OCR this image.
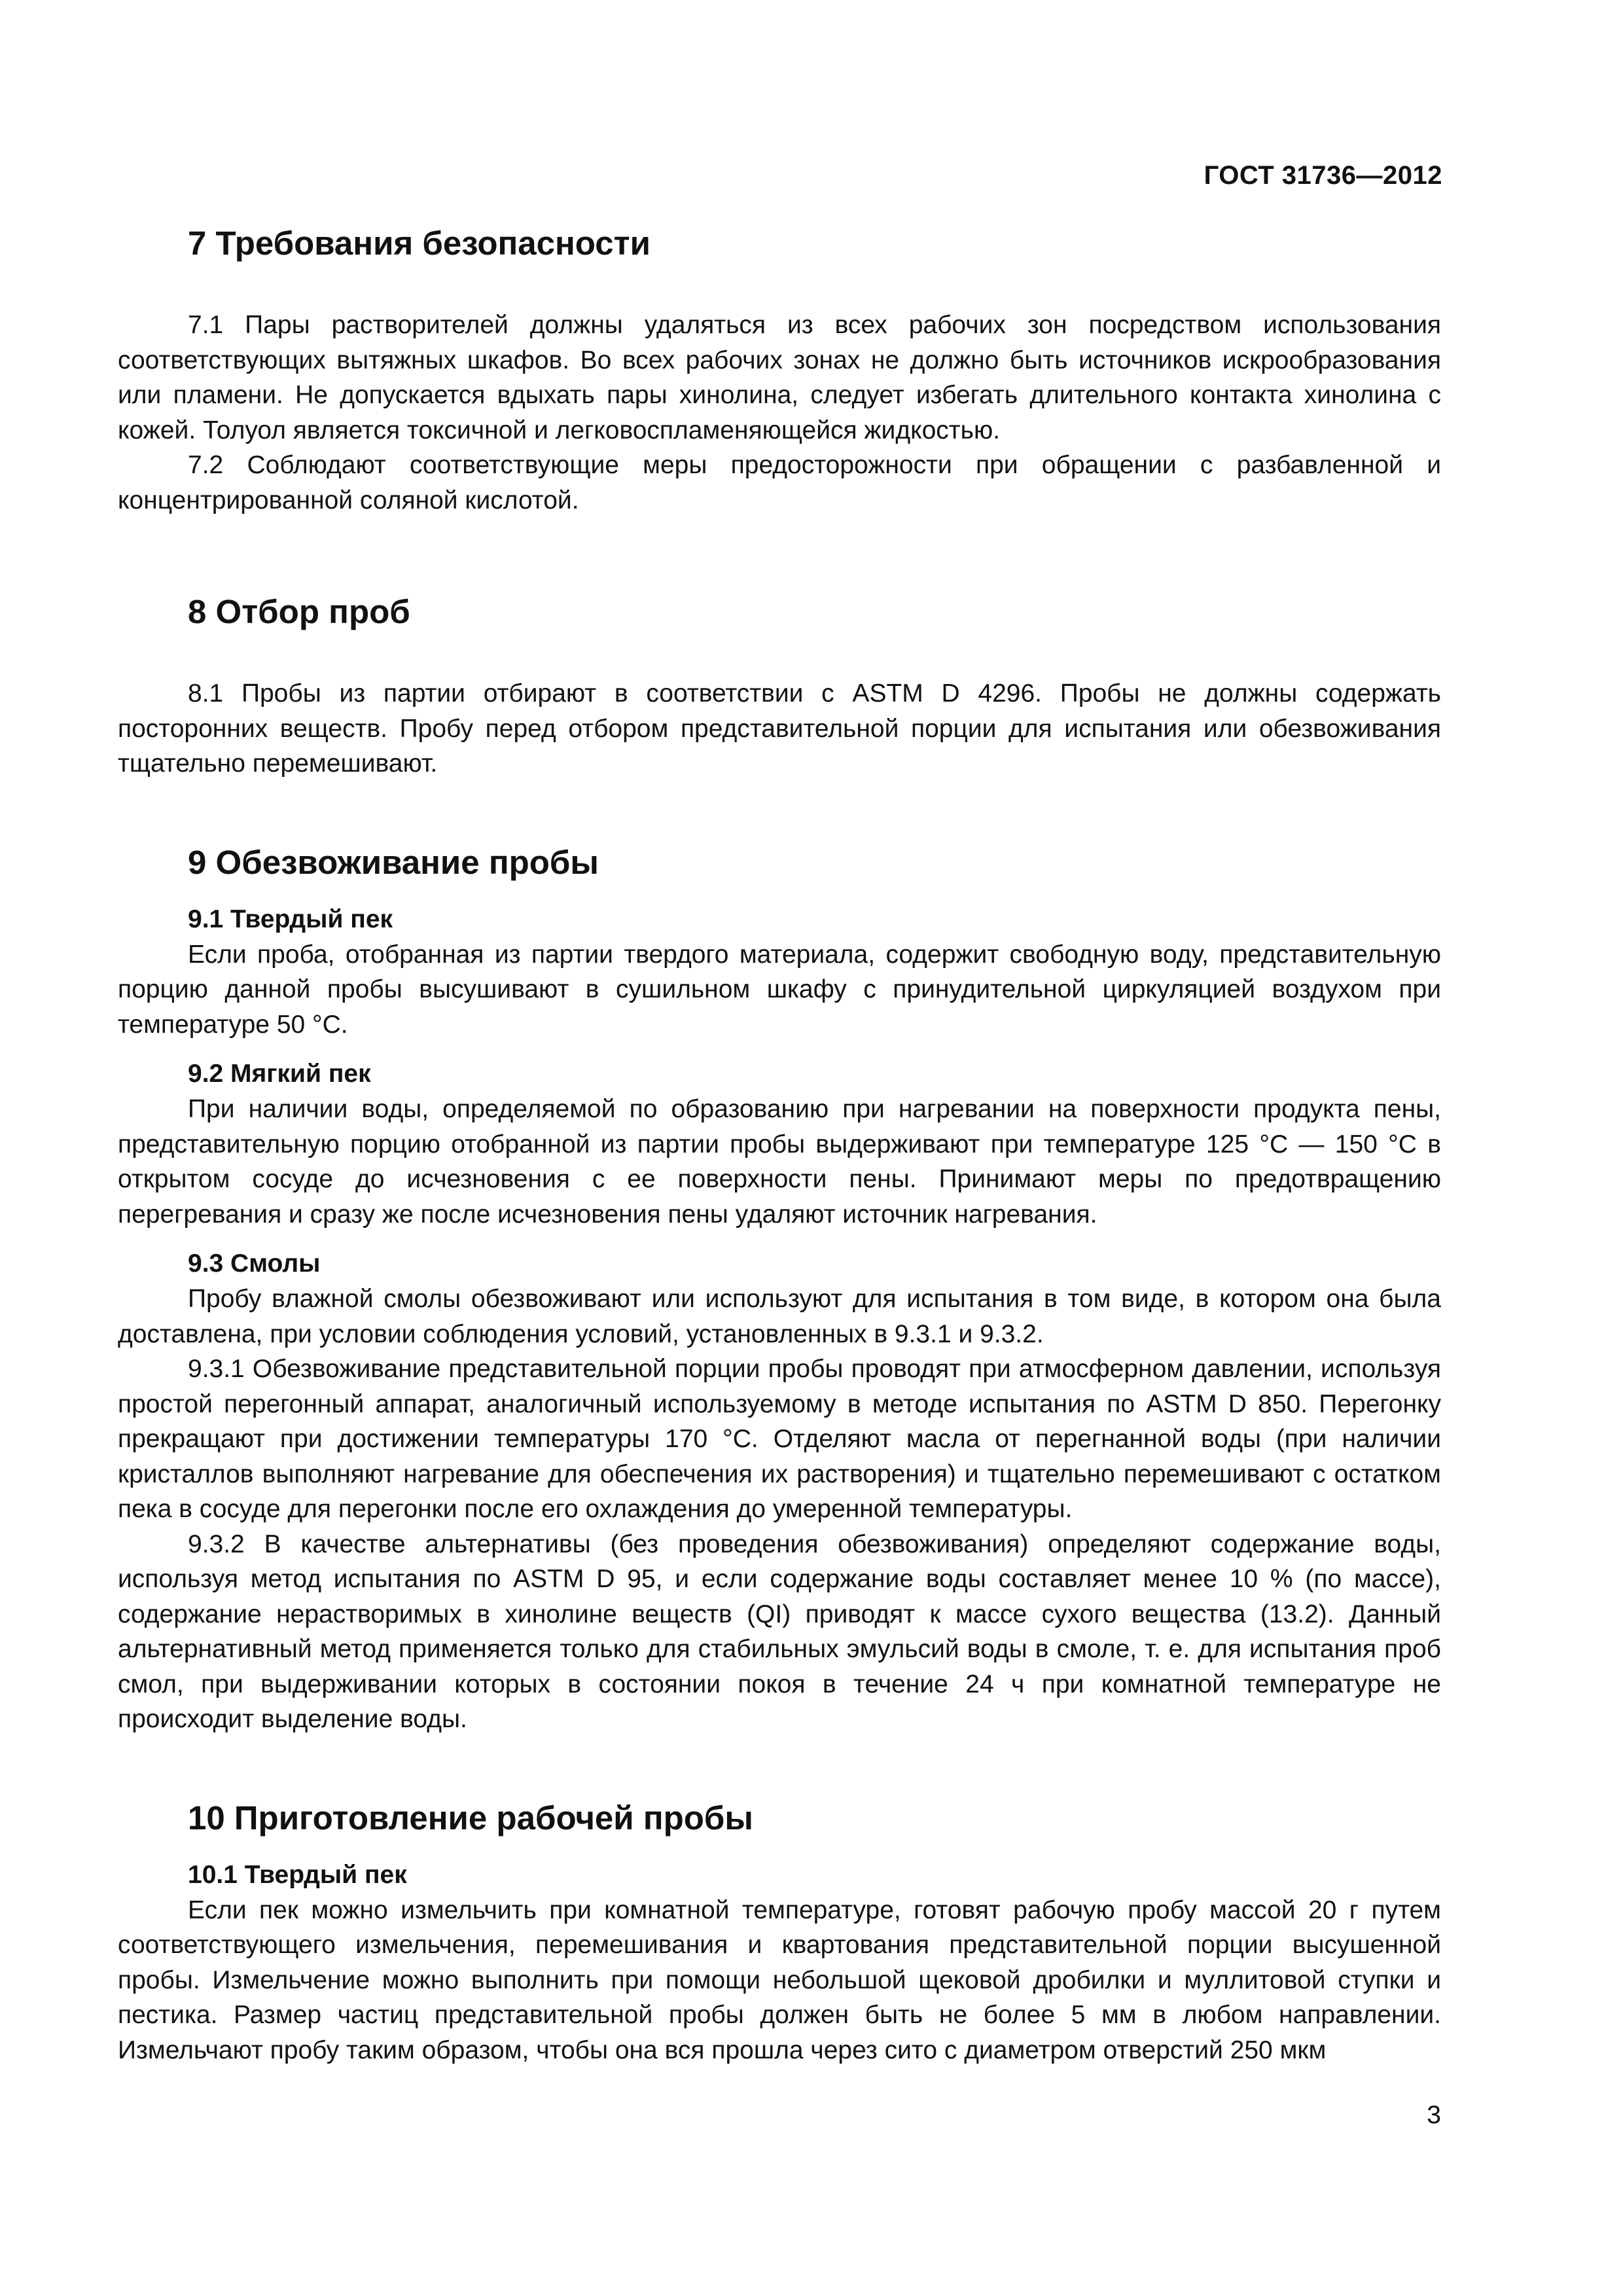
ГОСТ 31736—2012
7 Требования безопасности

7.1 Пары растворителей должны удаляться из всех рабочих зон посредством использования соответствующих вытяжных шкафов. Во всех рабочих зонах не должно быть источников искрообразования или пламени. Не допускается вдыхать пары хинолина, следует избегать длительного контакта хинолина с кожей. Толуол является токсичной и легковоспламеняющейся жидкостью.

7.2 Соблюдают соответствующие меры предосторожности при обращении с разбавленной и концентрированной соляной кислотой.

8 Отбор проб

8.1 Пробы из партии отбирают в соответствии с ASTM D 4296. Пробы не должны содержать посторонних веществ. Пробу перед отбором представительной порции для испытания или обезвоживания тщательно перемешивают.

9 Обезвоживание пробы
9.1 Твердый пек

Если проба, отобранная из партии твердого материала, содержит свободную воду, представительную порцию данной пробы высушивают в сушильном шкафу с принудительной циркуляцией воздухом при температуре 50 °С.

9.2 Мягкий пек

При наличии воды, определяемой по образованию при нагревании на поверхности продукта пены, представительную порцию отобранной из партии пробы выдерживают при температуре 125 °С — 150 °С в открытом сосуде до исчезновения с ее поверхности пены. Принимают меры по предотвращению перегревания и сразу же после исчезновения пены удаляют источник нагревания.

9.3 Смолы

Пробу влажной смолы обезвоживают или используют для испытания в том виде, в котором она была доставлена, при условии соблюдения условий, установленных в 9.3.1 и 9.3.2.

9.3.1 Обезвоживание представительной порции пробы проводят при атмосферном давлении, используя простой перегонный аппарат, аналогичный используемому в методе испытания по ASTM D 850. Перегонку прекращают при достижении температуры 170 °С. Отделяют масла от перегнанной воды (при наличии кристаллов выполняют нагревание для обеспечения их растворения) и тщательно перемешивают с остатком пека в сосуде для перегонки после его охлаждения до умеренной температуры.

9.3.2 В качестве альтернативы (без проведения обезвоживания) определяют содержание воды, используя метод испытания по ASTM D 95, и если содержание воды составляет менее 10 % (по массе), содержание нерастворимых в хинолине веществ (QI) приводят к массе сухого вещества (13.2). Данный альтернативный метод применяется только для стабильных эмульсий воды в смоле, т. е. для испытания проб смол, при выдерживании которых в состоянии покоя в течение 24 ч при комнатной температуре не происходит выделение воды.

10 Приготовление рабочей пробы
10.1 Твердый пек

Если пек можно измельчить при комнатной температуре, готовят рабочую пробу массой 20 г путем соответствующего измельчения, перемешивания и квартования представительной порции высушенной пробы. Измельчение можно выполнить при помощи небольшой щековой дробилки и муллитовой ступки и пестика. Размер частиц представительной пробы должен быть не более 5 мм в любом направлении. Измельчают пробу таким образом, чтобы она вся прошла через сито с диаметром отверстий 250 мкм

3
